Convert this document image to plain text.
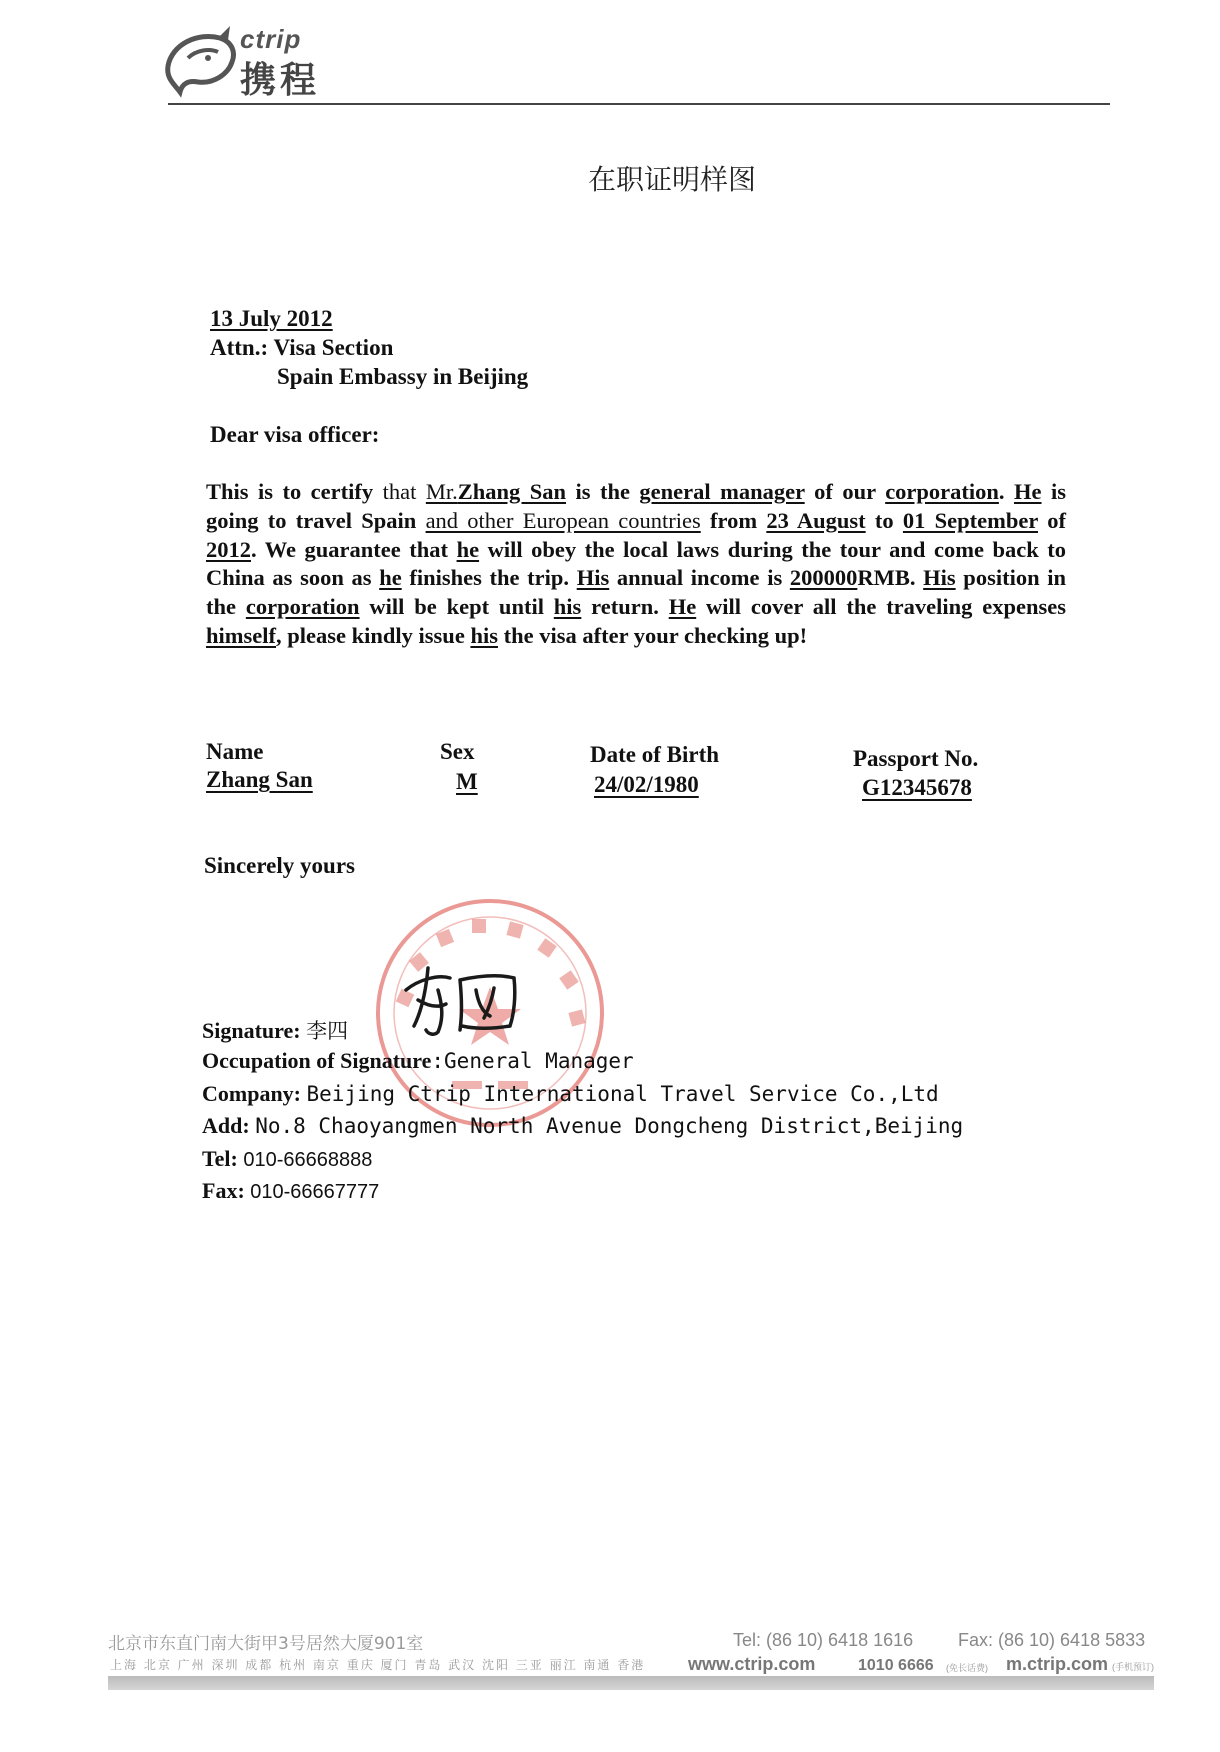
ctrip
携程
在职证明样图
13 July 2012
Attn.: Visa Section
Spain Embassy in Beijing
Dear visa officer:
This is to certify that Mr.Zhang San is the general manager of our corporation. He is going to travel Spain and other European countries from 23 August to 01 September of 2012. We guarantee that he will obey the local laws during the tour and come back to China as soon as he finishes the trip. His annual income is 200000RMB. His position in the corporation will be kept until his return. He will cover all the traveling expenses himself, please kindly issue his the visa after your checking up!
Name	Sex	Date of Birth	Passport No.
Zhang San	M	24/02/1980	G12345678
Sincerely yours
Signature: 李四
Occupation of Signature:General Manager
Company: Beijing Ctrip International Travel Service Co.,Ltd
Add: No.8 Chaoyangmen North Avenue Dongcheng District,Beijing
Tel: 010-66668888
Fax: 010-66667777
北京市东直门南大街甲3号居然大厦901室
上海 北京 广州 深圳 成都 杭州 南京 重庆 厦门 青岛 武汉 沈阳 三亚 丽江 南通 香港
Tel: (86 10) 6418 1616 Fax: (86 10) 6418 5833
www.ctrip.com	1010 6666 (免长话费) m.ctrip.com (手机预订)
